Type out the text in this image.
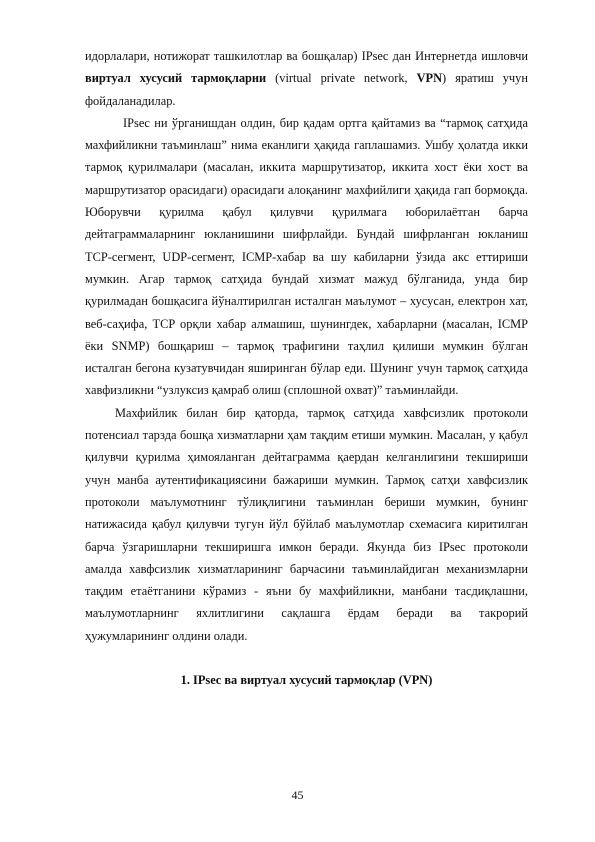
идорлалари, нотижорат ташкилотлар ва бошқалар) IPsec дан Интернетда ишловчи виртуал хусусий тармоқларни (virtual private network, VPN) яратиш учун фойдаланадилар.

IPsec ни ўрганишдан олдин, бир қадам ортга қайтамиз ва “тармоқ сатҳида махфийликни таъминлаш” нима еканлиги ҳақида гаплашамиз. Ушбу ҳолатда икки тармоқ қурилмалари (масалан, иккита маршрутизатор, иккита хост ёки хост ва маршрутизатор орасидаги) орасидаги алоқанинг махфийлиги ҳақида гап бормоқда. Юборувчи қурилма қабул қилувчи қурилмага юборилаётган барча дейтаграммаларнинг юкланишини шифрлайди. Бундай шифрланган юкланиш TCP-сегмент, UDP-сегмент, ICMP-хабар ва шу кабиларни ўзида акс еттириши мумкин. Агар тармоқ сатҳида бундай хизмат мажуд бўлганида, унда бир қурилмадан бошқасига йўналтирилган исталган маълумот – хусусан, електрон хат, веб-саҳифа, TCP орқли хабар алмашиш, шунингдек, хабарларни (масалан, ICMP ёки SNMP) бошқариш – тармоқ трафигини таҳлил қилиши мумкин бўлган исталган бегона кузатувчидан яширинган бўлар еди. Шунинг учун тармоқ сатҳида хавфизликни “узлуксиз қамраб олиш (сплошной охват)” таъминлайди.

Махфийлик билан бир қаторда, тармоқ сатҳида хавфсизлик протоколи потенсиал тарзда бошқа хизматларни ҳам тақдим етиши мумкин. Масалан, у қабул қилувчи қурилма ҳимояланган дейтаграмма қаердан келганлигини текшириши учун манба аутентификациясини бажариши мумкин. Тармоқ сатҳи хавфсизлик протоколи маълумотнинг тўлиқлигини таъминлан бериши мумкин, бунинг натижасида қабул қилувчи тугун йўл бўйлаб маълумотлар схемасига киритилган барча ўзгаришларни текширишга имкон беради. Якунда биз IPsec протоколи амалда хавфсизлик хизматларининг барчасини таъминлайдиган механизмларни тақдим етаётганини кўрамиз - яъни бу махфийликни, манбани тасдиқлашни, маълумотларнинг яхлитлигини сақлашга ёрдам беради ва такрорий ҳужумларининг олдини олади.

1. IPsec ва виртуал хусусий тармоқлар (VPN)

45
